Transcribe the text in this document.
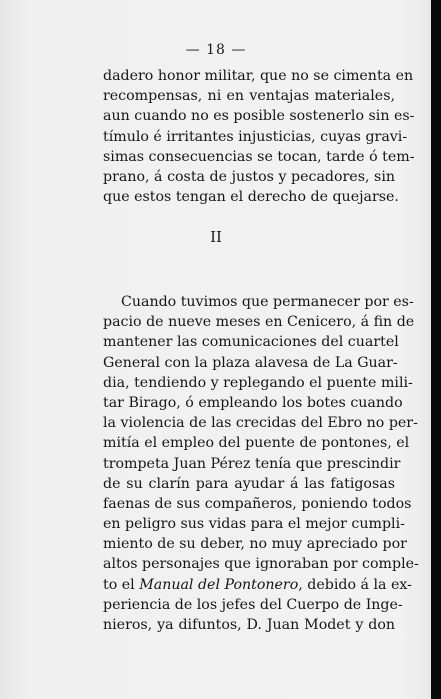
— 18 —
dadero honor militar, que no se cimenta en
recompensas, ni en ventajas materiales,
aun cuando no es posible sostenerlo sin es-
tímulo é irritantes injusticias, cuyas gravi-
simas consecuencias se tocan, tarde ó tem-
prano, á costa de justos y pecadores, sin
que estos tengan el derecho de quejarse.
II
Cuando tuvimos que permanecer por es-
pacio de nueve meses en Cenicero, á fin de
mantener las comunicaciones del cuartel
General con la plaza alavesa de La Guar-
dia, tendiendo y replegando el puente mili-
tar Birago, ó empleando los botes cuando
la violencia de las crecidas del Ebro no per-
mitía el empleo del puente de pontones, el
trompeta Juan Pérez tenía que prescindir
de su clarín para ayudar á las fatigosas
faenas de sus compañeros, poniendo todos
en peligro sus vidas para el mejor cumpli-
miento de su deber, no muy apreciado por
altos personajes que ignoraban por comple-
to el Manual del Pontonero, debido á la ex-
periencia de los jefes del Cuerpo de Inge-
nieros, ya difuntos, D. Juan Modet y don
